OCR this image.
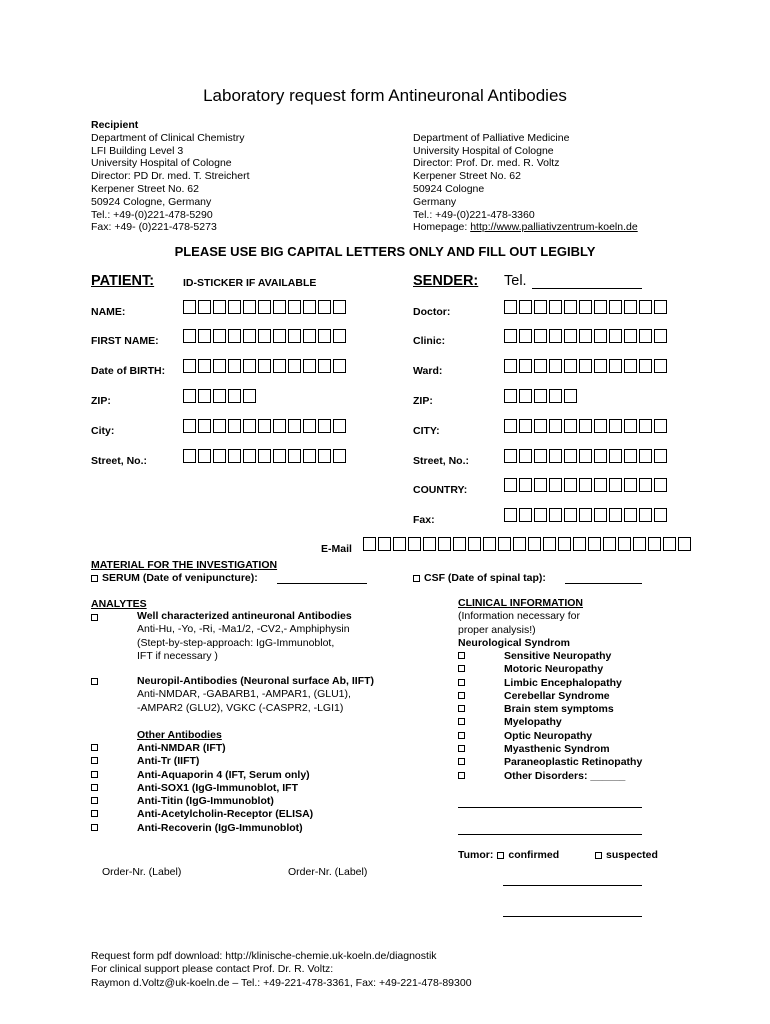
Laboratory request form Antineuronal Antibodies
Recipient
Department of Clinical Chemistry
LFI Building Level 3
University Hospital of Cologne
Director: PD Dr. med. T. Streichert
Kerpener Street No. 62
50924 Cologne, Germany
Tel.: +49-(0)221-478-5290
Fax: +49- (0)221-478-5273
Department of Palliative Medicine
University Hospital of Cologne
Director: Prof. Dr. med. R. Voltz
Kerpener Street No. 62
50924 Cologne
Germany
Tel.: +49-(0)221-478-3360
Homepage: http://www.palliativzentrum-koeln.de
PLEASE USE BIG CAPITAL LETTERS ONLY AND FILL OUT LEGIBLY
PATIENT:	ID-STICKER IF AVAILABLE	SENDER: Tel.
NAME:
FIRST NAME:
Date of BIRTH:
ZIP:
City:
Street, No.:
Doctor:
Clinic:
Ward:
ZIP:
CITY:
Street, No.:
COUNTRY:
Fax:
E-Mail
MATERIAL FOR THE INVESTIGATION
SERUM (Date of venipuncture):	CSF (Date of spinal tap):
ANALYTES
Well characterized antineuronal Antibodies
Anti-Hu, -Yo, -Ri, -Ma1/2, -CV2,- Amphiphysin
(Stept-by-step-approach: IgG-Immunoblot,
IFT if necessary )
Neuropil-Antibodies (Neuronal surface Ab, IIFT)
Anti-NMDAR, -GABARB1, -AMPAR1, (GLU1),
-AMPAR2 (GLU2), VGKC (-CASPR2, -LGI1)
Other Antibodies
Anti-NMDAR (IFT)
Anti-Tr (IIFT)
Anti-Aquaporin 4 (IFT, Serum only)
Anti-SOX1 (IgG-Immunoblot, IFT
Anti-Titin (IgG-Immunoblot)
Anti-Acetylcholin-Receptor (ELISA)
Anti-Recoverin (IgG-Immunoblot)
CLINICAL INFORMATION
(Information necessary for
proper analysis!)
Neurological Syndrom
Sensitive Neuropathy
Motoric Neuropathy
Limbic Encephalopathy
Cerebellar Syndrome
Brain stem symptoms
Myelopathy
Optic Neuropathy
Myasthenic Syndrom
Paraneoplastic Retinopathy
Other Disorders: ______
Tumor: confirmed	suspected
Order-Nr. (Label)	Order-Nr. (Label)
Request form pdf download: http://klinische-chemie.uk-koeln.de/diagnostik
For clinical support please contact Prof. Dr. R. Voltz:
Raymon d.Voltz@uk-koeln.de – Tel.: +49-221-478-3361, Fax: +49-221-478-89300
